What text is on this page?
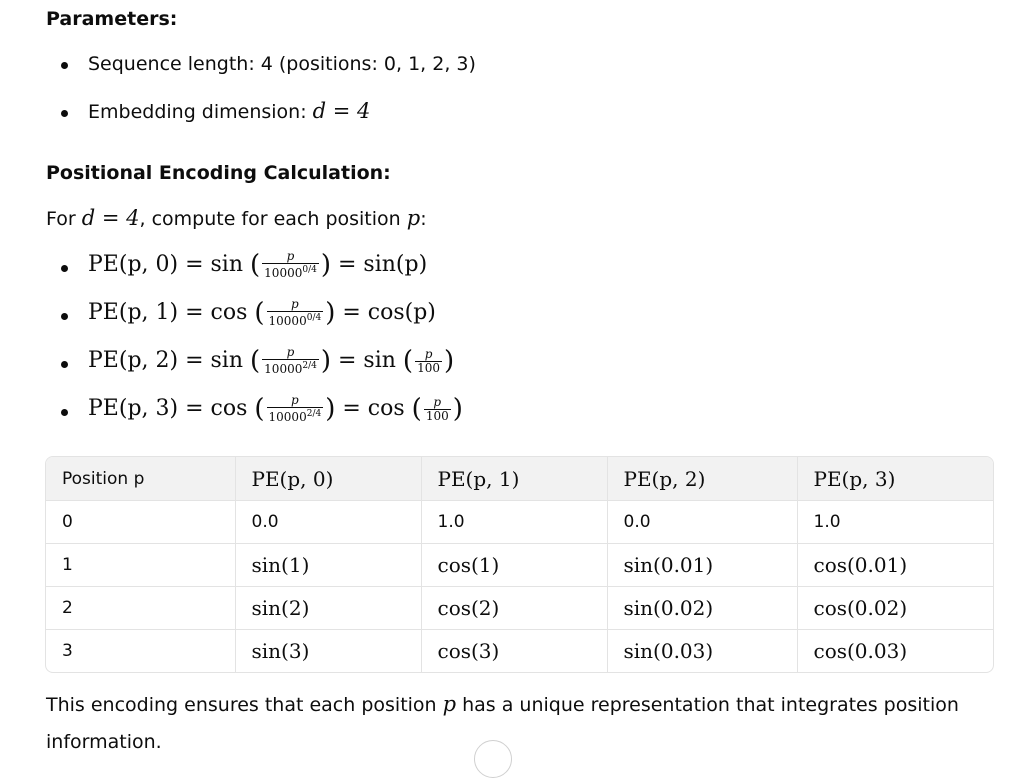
Parameters:
Sequence length: 4 (positions: 0, 1, 2, 3)
Embedding dimension: d = 4
Positional Encoding Calculation:
For d = 4, compute for each position p:
PE(p, 0) = sin ( $\frac{p}{10000^{0/4}}$ ) = sin(p)
PE(p, 1) = cos ( $\frac{p}{10000^{0/4}}$ ) = cos(p)
PE(p, 2) = sin ( $\frac{p}{10000^{2/4}}$ ) = sin ( $\frac{p}{100}$ )
PE(p, 3) = cos ( $\frac{p}{10000^{2/4}}$ ) = cos ( $\frac{p}{100}$ )
Position p	PE(p, 0)	PE(p, 1)	PE(p, 2)	PE(p, 3)
0	0.0	1.0	0.0	1.0
1	sin(1)	cos(1)	sin(0.01)	cos(0.01)
2	sin(2)	cos(2)	sin(0.02)	cos(0.02)
3	sin(3)	cos(3)	sin(0.03)	cos(0.03)
This encoding ensures that each position p has a unique representation that integrates position
information.
